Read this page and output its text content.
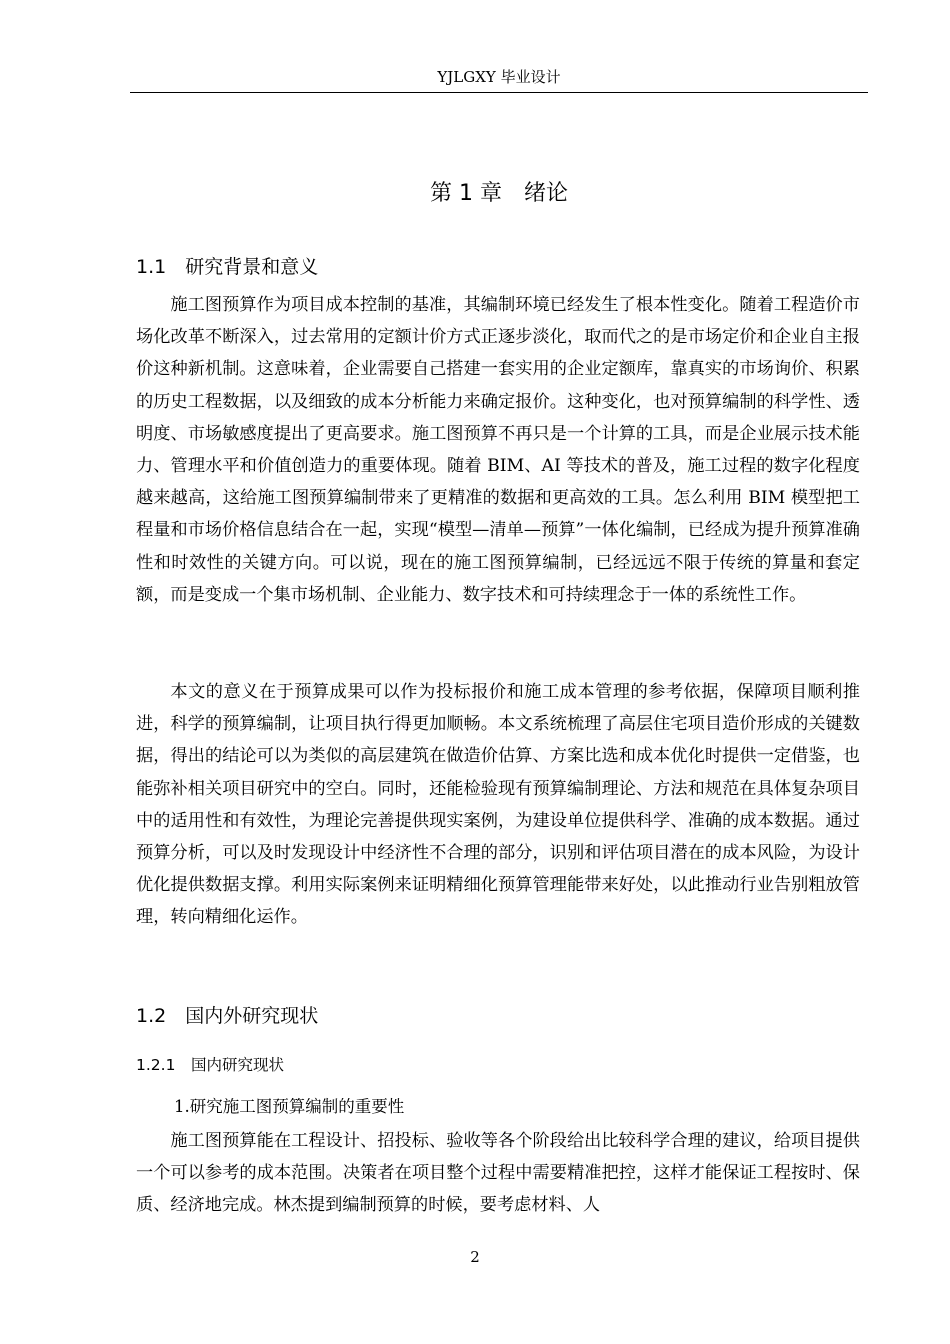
YJLGXY 毕业设计
第 1 章　绪论
1.1　研究背景和意义

施工图预算作为项目成本控制的基准，其编制环境已经发生了根本性变化。随着工程造价市场化改革不断深入，过去常用的定额计价方式正逐步淡化，取而代之的是市场定价和企业自主报价这种新机制。这意味着，企业需要自己搭建一套实用的企业定额库，靠真实的市场询价、积累的历史工程数据，以及细致的成本分析能力来确定报价。这种变化，也对预算编制的科学性、透明度、市场敏感度提出了更高要求。施工图预算不再只是一个计算的工具，而是企业展示技术能力、管理水平和价值创造力的重要体现。随着 BIM、AI 等技术的普及，施工过程的数字化程度越来越高，这给施工图预算编制带来了更精准的数据和更高效的工具。怎么利用 BIM 模型把工程量和市场价格信息结合在一起，实现“模型—清单—预算”一体化编制，已经成为提升预算准确性和时效性的关键方向。可以说，现在的施工图预算编制，已经远远不限于传统的算量和套定额，而是变成一个集市场机制、企业能力、数字技术和可持续理念于一体的系统性工作。

本文的意义在于预算成果可以作为投标报价和施工成本管理的参考依据，保障项目顺利推进，科学的预算编制，让项目执行得更加顺畅。本文系统梳理了高层住宅项目造价形成的关键数据，得出的结论可以为类似的高层建筑在做造价估算、方案比选和成本优化时提供一定借鉴，也能弥补相关项目研究中的空白。同时，还能检验现有预算编制理论、方法和规范在具体复杂项目中的适用性和有效性，为理论完善提供现实案例，为建设单位提供科学、准确的成本数据。通过预算分析，可以及时发现设计中经济性不合理的部分，识别和评估项目潜在的成本风险，为设计优化提供数据支撑。利用实际案例来证明精细化预算管理能带来好处，以此推动行业告别粗放管理，转向精细化运作。

1.2　国内外研究现状
1.2.1　国内研究现状
1.研究施工图预算编制的重要性

施工图预算能在工程设计、招投标、验收等各个阶段给出比较科学合理的建议，给项目提供一个可以参考的成本范围。决策者在项目整个过程中需要精准把控，这样才能保证工程按时、保质、经济地完成。林杰提到编制预算的时候，要考虑材料、人

2
